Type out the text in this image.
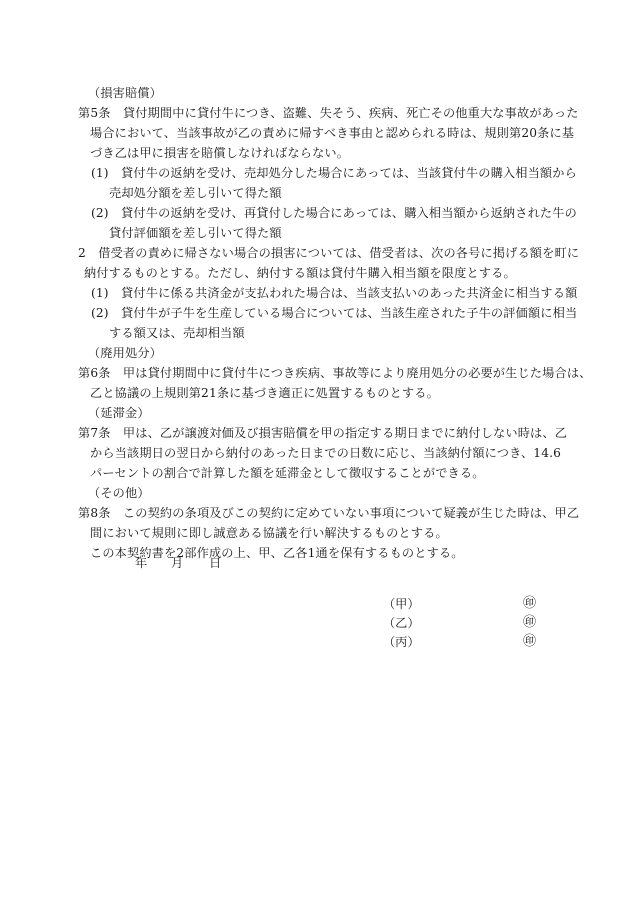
（損害賠償）
第5条　貸付期間中に貸付牛につき、盗難、失そう、疾病、死亡その他重大な事故があった
場合において、当該事故が乙の責めに帰すべき事由と認められる時は、規則第20条に基
づき乙は甲に損害を賠償しなければならない。
(1)　貸付牛の返納を受け、売却処分した場合にあっては、当該貸付牛の購入相当額から
売却処分額を差し引いて得た額
(2)　貸付牛の返納を受け、再貸付した場合にあっては、購入相当額から返納された牛の
貸付評価額を差し引いて得た額
2　借受者の責めに帰さない場合の損害については、借受者は、次の各号に掲げる額を町に
納付するものとする。ただし、納付する額は貸付牛購入相当額を限度とする。
(1)　貸付牛に係る共済金が支払われた場合は、当該支払いのあった共済金に相当する額
(2)　貸付牛が子牛を生産している場合については、当該生産された子牛の評価額に相当
する額又は、売却相当額
（廃用処分）
第6条　甲は貸付期間中に貸付牛につき疾病、事故等により廃用処分の必要が生じた場合は、
乙と協議の上規則第21条に基づき適正に処置するものとする。
（延滞金）
第7条　甲は、乙が譲渡対価及び損害賠償を甲の指定する期日までに納付しない時は、乙
から当該期日の翌日から納付のあった日までの日数に応じ、当該納付額につき、14.6
パーセントの割合で計算した額を延滞金として徴収することができる。
（その他）
第8条　この契約の条項及びこの契約に定めていない事項について疑義が生じた時は、甲乙
間において規則に即し誠意ある協議を行い解決するものとする。
この本契約書を2部作成の上、甲、乙各1通を保有するものとする。
年 月 日
（甲）	㊞
（乙）	㊞
（丙）	㊞
